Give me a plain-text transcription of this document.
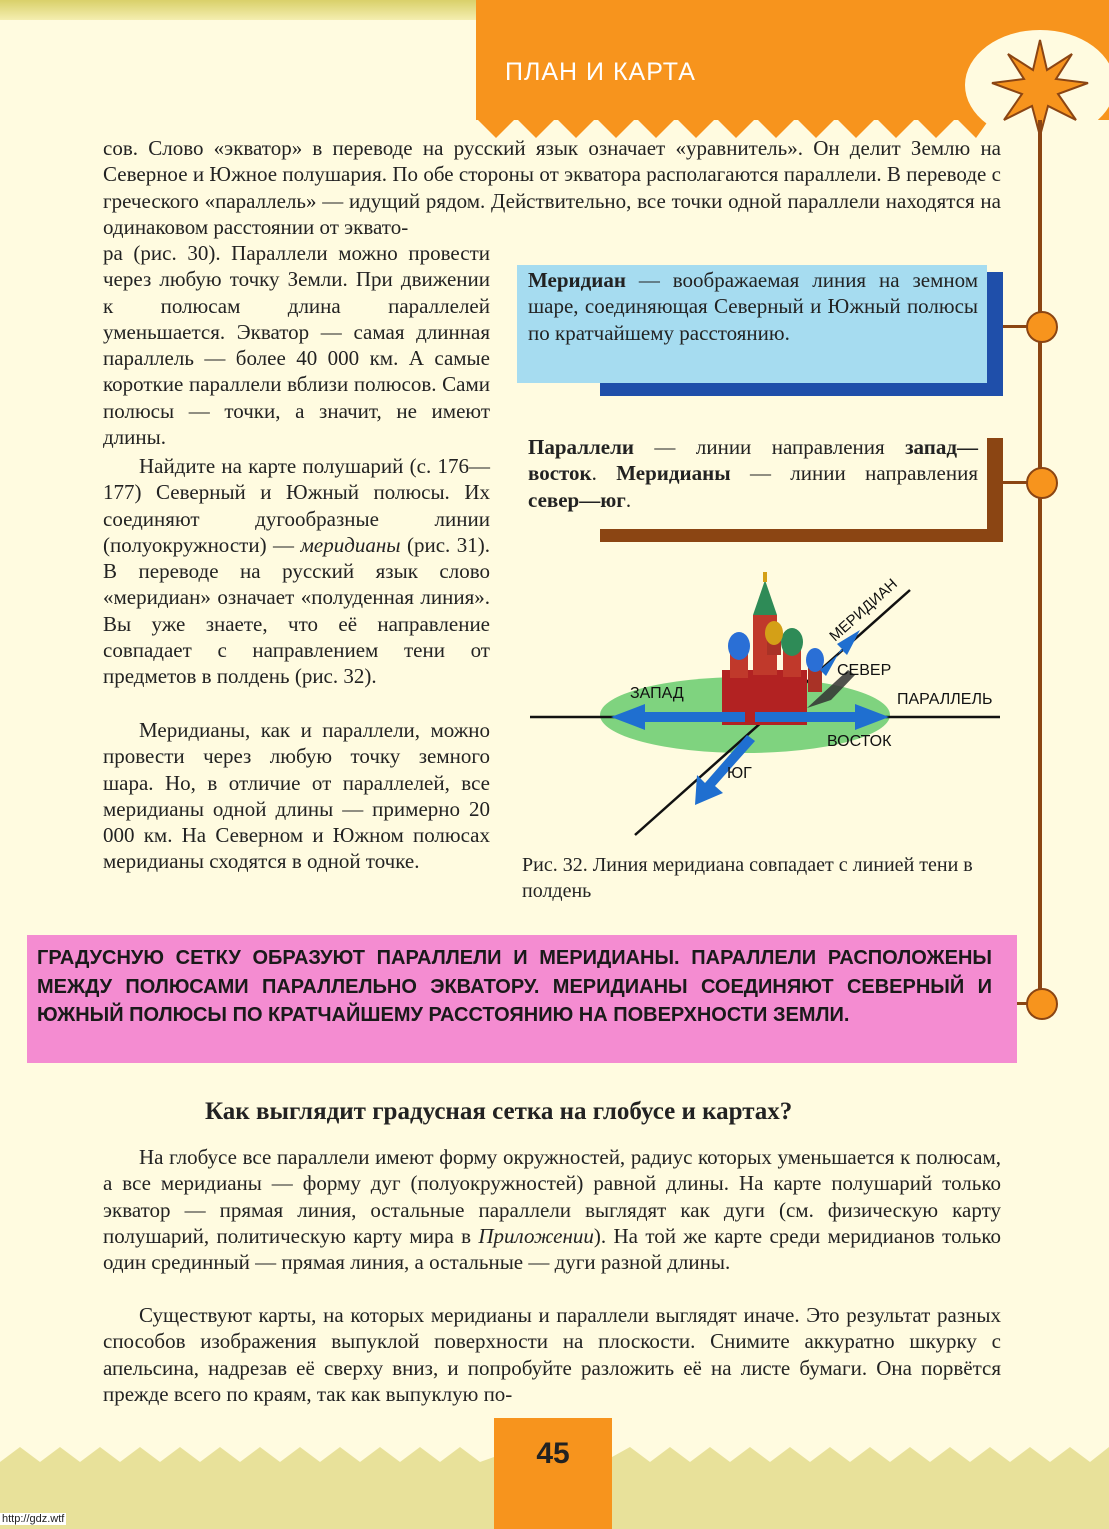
ПЛАН И КАРТА

сов. Слово «экватор» в переводе на русский язык означает «уравнитель». Он делит Землю на Северное и Южное полушария. По обе стороны от экватора располагаются параллели. В переводе с греческого «параллель» — идущий рядом. Действительно, все точки одной параллели находятся на одинаковом расстоянии от эквато-

ра (рис. 30). Параллели можно провести через любую точку Земли. При движении к полюсам длина параллелей уменьшается. Экватор — самая длинная параллель — более 40 000 км. А самые короткие параллели вблизи полюсов. Сами полюсы — точки, а значит, не имеют длины.

Найдите на карте полушарий (с. 176—177) Северный и Южный полюсы. Их соединяют дугообразные линии (полуокружности) — меридианы (рис. 31). В переводе на русский язык слово «меридиан» означает «полуденная линия». Вы уже знаете, что её направление совпадает с направлением тени от предметов в полдень (рис. 32).

Меридианы, как и параллели, можно провести через любую точку земного шара. Но, в отличие от параллелей, все меридианы одной длины — примерно 20 000 км. На Северном и Южном полюсах меридианы сходятся в одной точке.

Меридиан — воображаемая линия на земном шаре, соединяющая Северный и Южный полюсы по кратчайшему расстоянию.

Параллели — линии направления запад—восток. Меридианы — линии направления север—юг.

МЕРИДИАН
СЕВЕР
ЗАПАД	ПАРАЛЛЕЛЬ
ВОСТОК
ЮГ

Рис. 32. Линия меридиана совпадает с линией тени в полдень

ГРАДУСНУЮ СЕТКУ ОБРАЗУЮТ ПАРАЛЛЕЛИ И МЕРИДИАНЫ. ПАРАЛЛЕЛИ РАСПОЛОЖЕНЫ МЕЖДУ ПОЛЮСАМИ ПАРАЛЛЕЛЬНО ЭКВАТОРУ. МЕРИДИАНЫ СОЕДИНЯЮТ СЕВЕРНЫЙ И ЮЖНЫЙ ПОЛЮСЫ ПО КРАТЧАЙШЕМУ РАССТОЯНИЮ НА ПОВЕРХНОСТИ ЗЕМЛИ.

Как выглядит градусная сетка на глобусе и картах?

На глобусе все параллели имеют форму окружностей, радиус которых уменьшается к полюсам, а все меридианы — форму дуг (полуокружностей) равной длины. На карте полушарий только экватор — прямая линия, остальные параллели выглядят как дуги (см. физическую карту полушарий, политическую карту мира в Приложении). На той же карте среди меридианов только один срединный — прямая линия, а остальные — дуги разной длины.

Существуют карты, на которых меридианы и параллели выглядят иначе. Это результат разных способов изображения выпуклой поверхности на плоскости. Снимите аккуратно шкурку с апельсина, надрезав её сверху вниз, и попробуйте разложить её на листе бумаги. Она порвётся прежде всего по краям, так как выпуклую по-

45
http://gdz.wtf
